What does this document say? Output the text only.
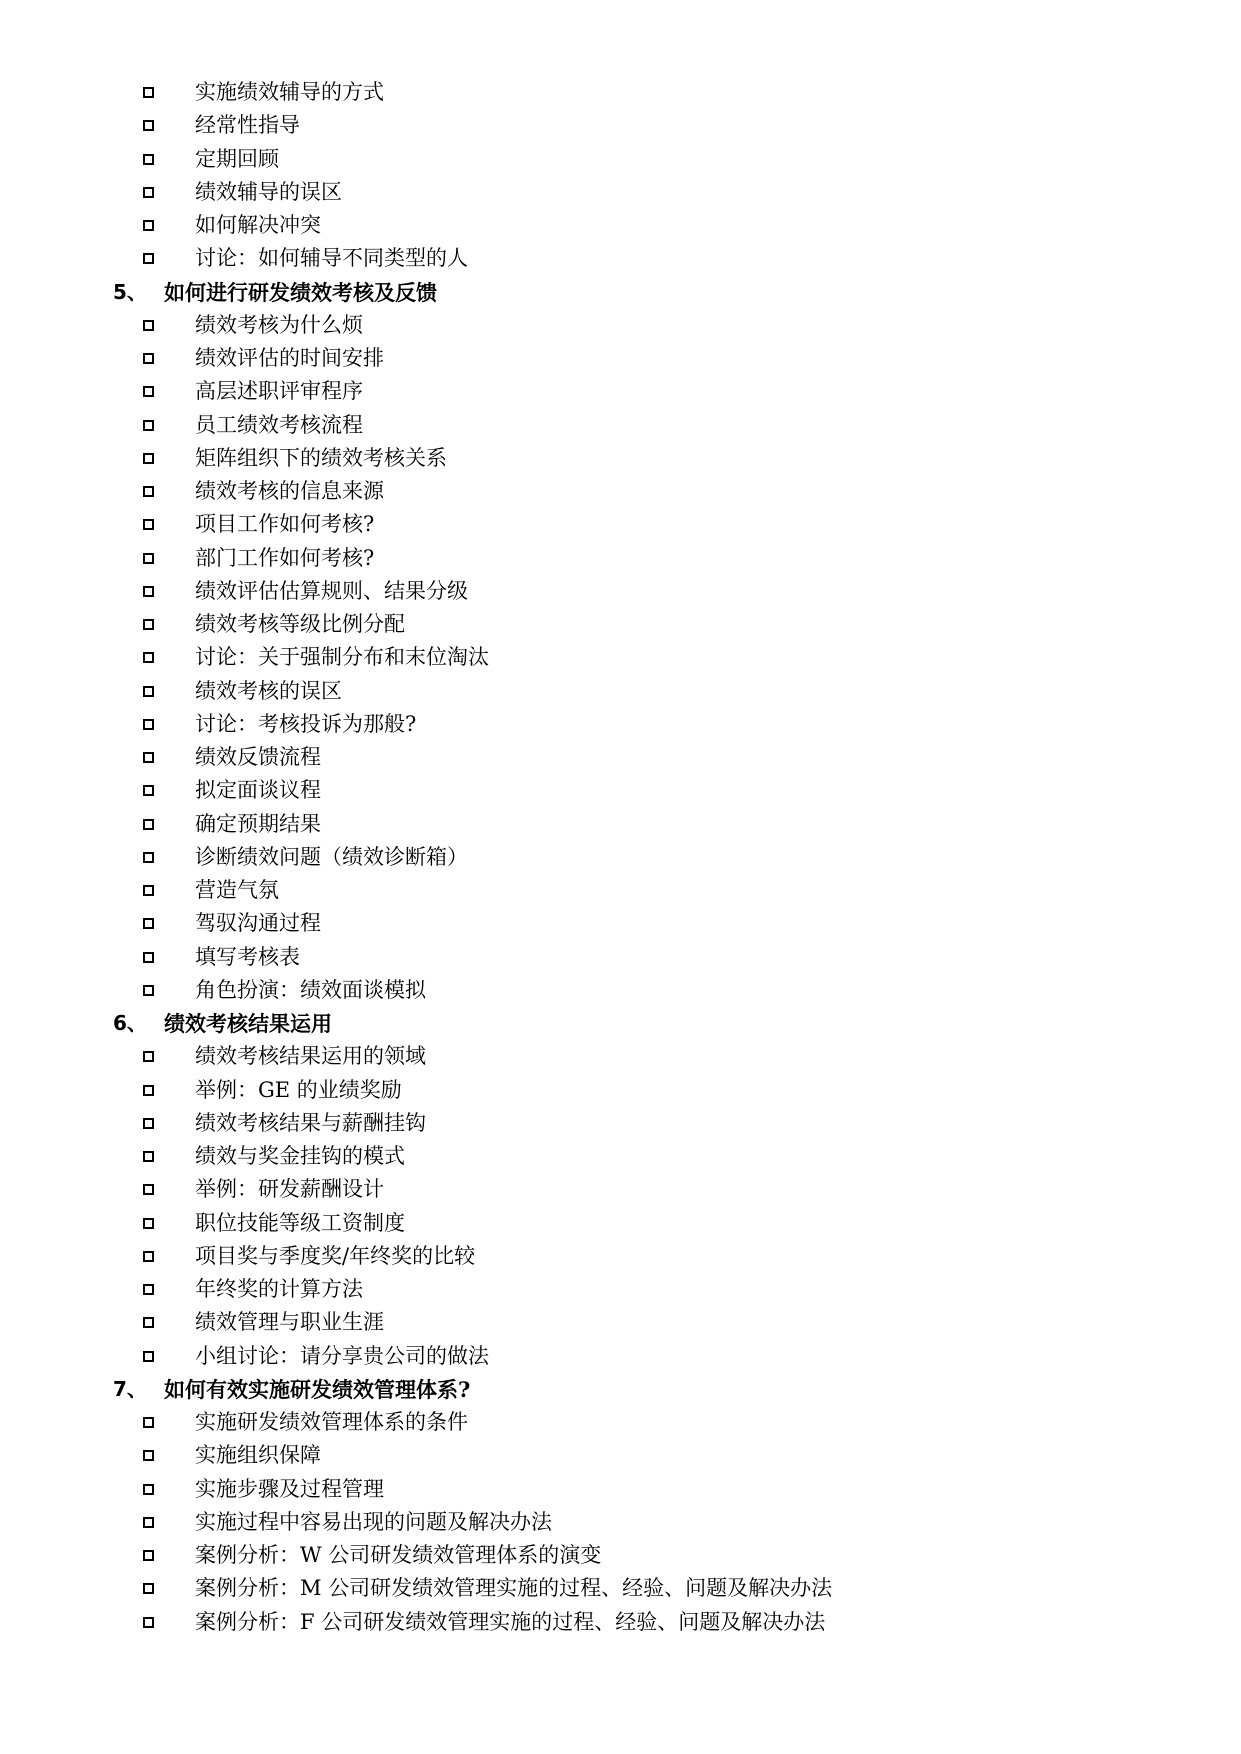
实施绩效辅导的方式
经常性指导
定期回顾
绩效辅导的误区
如何解决冲突
讨论：如何辅导不同类型的人
5、 如何进行研发绩效考核及反馈
绩效考核为什么烦
绩效评估的时间安排
高层述职评审程序
员工绩效考核流程
矩阵组织下的绩效考核关系
绩效考核的信息来源
项目工作如何考核?
部门工作如何考核?
绩效评估估算规则、结果分级
绩效考核等级比例分配
讨论：关于强制分布和末位淘汰
绩效考核的误区
讨论：考核投诉为那般?
绩效反馈流程
拟定面谈议程
确定预期结果
诊断绩效问题（绩效诊断箱）
营造气氛
驾驭沟通过程
填写考核表
角色扮演：绩效面谈模拟
6、 绩效考核结果运用
绩效考核结果运用的领域
举例：GE 的业绩奖励
绩效考核结果与薪酬挂钩
绩效与奖金挂钩的模式
举例：研发薪酬设计
职位技能等级工资制度
项目奖与季度奖/年终奖的比较
年终奖的计算方法
绩效管理与职业生涯
小组讨论：请分享贵公司的做法
7、 如何有效实施研发绩效管理体系?
实施研发绩效管理体系的条件
实施组织保障
实施步骤及过程管理
实施过程中容易出现的问题及解决办法
案例分析：W 公司研发绩效管理体系的演变
案例分析：M 公司研发绩效管理实施的过程、经验、问题及解决办法
案例分析：F 公司研发绩效管理实施的过程、经验、问题及解决办法
